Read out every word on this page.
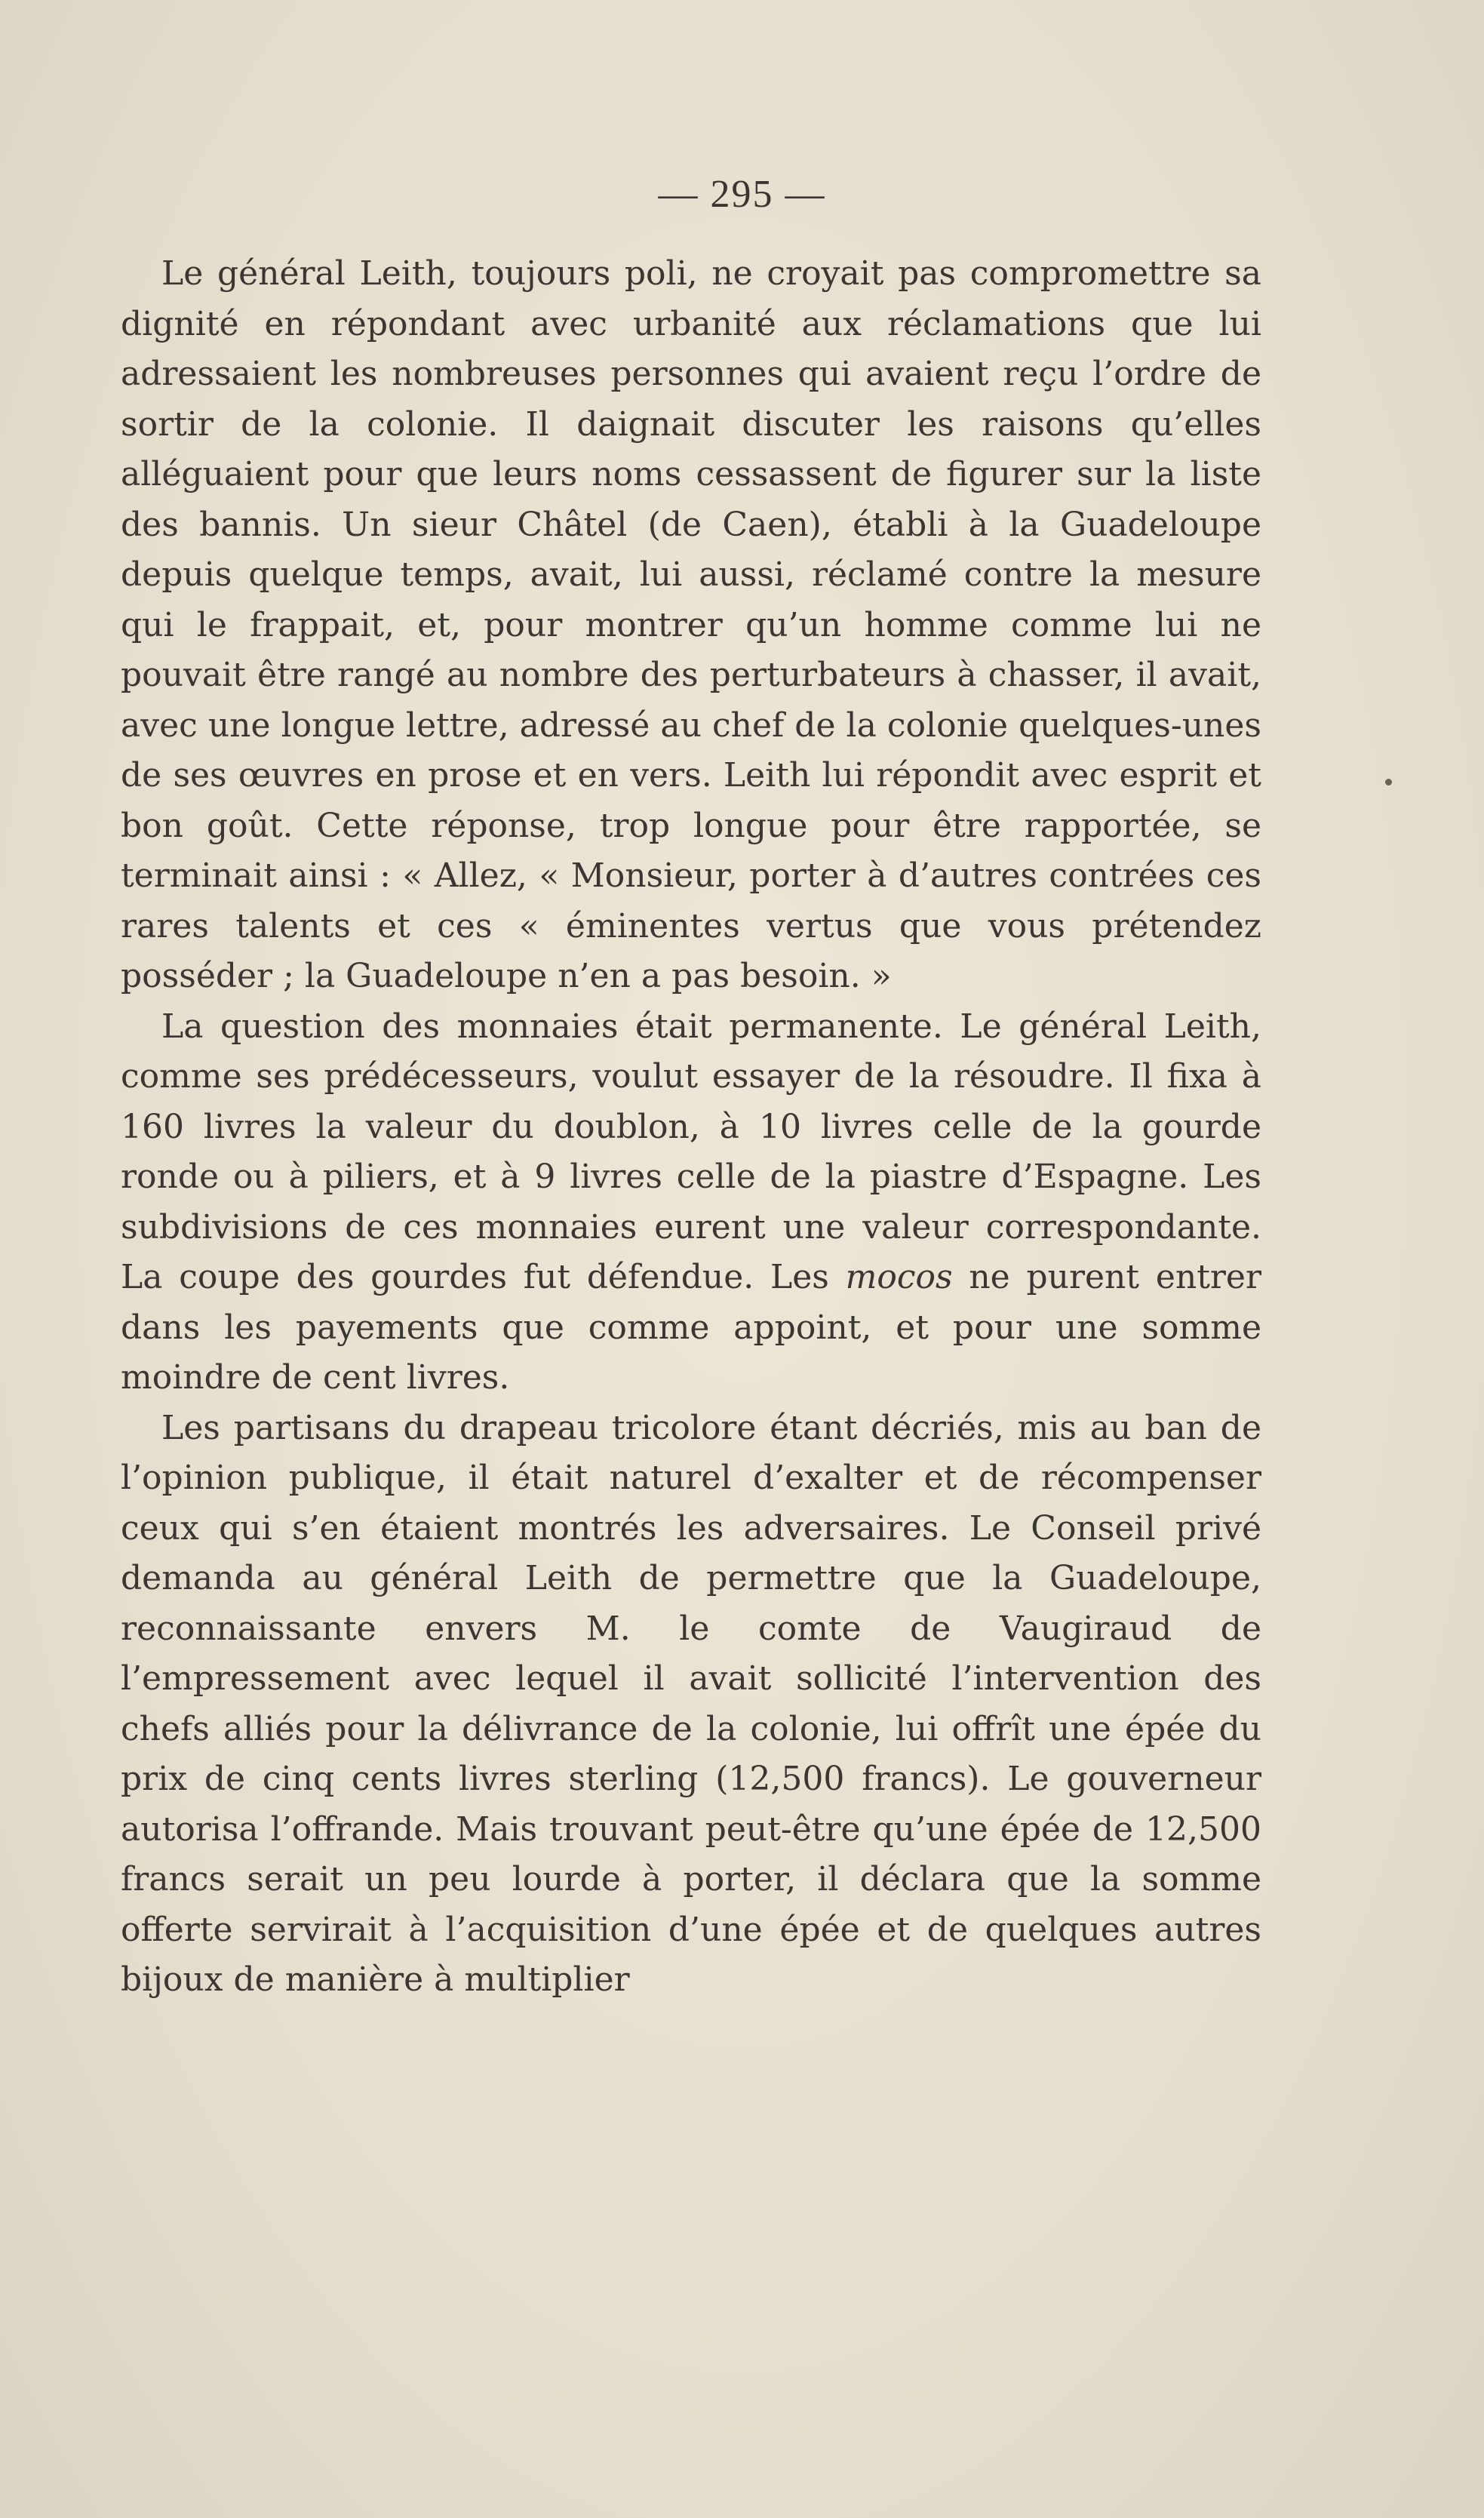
— 295 —

Le général Leith, toujours poli, ne croyait pas compromettre sa dignité en répondant avec urbanité aux réclamations que lui adressaient les nombreuses personnes qui avaient reçu l’ordre de sortir de la colonie. Il daignait discuter les raisons qu’elles alléguaient pour que leurs noms cessassent de figurer sur la liste des bannis. Un sieur Châtel (de Caen), établi à la Guadeloupe depuis quelque temps, avait, lui aussi, réclamé contre la mesure qui le frappait, et, pour montrer qu’un homme comme lui ne pouvait être rangé au nombre des perturbateurs à chasser, il avait, avec une longue lettre, adressé au chef de la colonie quelques-unes de ses œuvres en prose et en vers. Leith lui répondit avec esprit et bon goût. Cette réponse, trop longue pour être rapportée, se terminait ainsi : « Allez, « Monsieur, porter à d’autres contrées ces rares talents et ces « éminentes vertus que vous prétendez posséder ; la Guadeloupe n’en a pas besoin. »

La question des monnaies était permanente. Le général Leith, comme ses prédécesseurs, voulut essayer de la résoudre. Il fixa à 160 livres la valeur du doublon, à 10 livres celle de la gourde ronde ou à piliers, et à 9 livres celle de la piastre d’Espagne. Les subdivisions de ces monnaies eurent une valeur correspondante. La coupe des gourdes fut défendue. Les mocos ne purent entrer dans les payements que comme appoint, et pour une somme moindre de cent livres.

Les partisans du drapeau tricolore étant décriés, mis au ban de l’opinion publique, il était naturel d’exalter et de récompenser ceux qui s’en étaient montrés les adversaires. Le Conseil privé demanda au général Leith de permettre que la Guadeloupe, reconnaissante envers M. le comte de Vaugiraud de l’empressement avec lequel il avait sollicité l’intervention des chefs alliés pour la délivrance de la colonie, lui offrît une épée du prix de cinq cents livres sterling (12,500 francs). Le gouverneur autorisa l’offrande. Mais trouvant peut-être qu’une épée de 12,500 francs serait un peu lourde à porter, il déclara que la somme offerte servirait à l’acquisition d’une épée et de quelques autres bijoux de manière à multiplier
